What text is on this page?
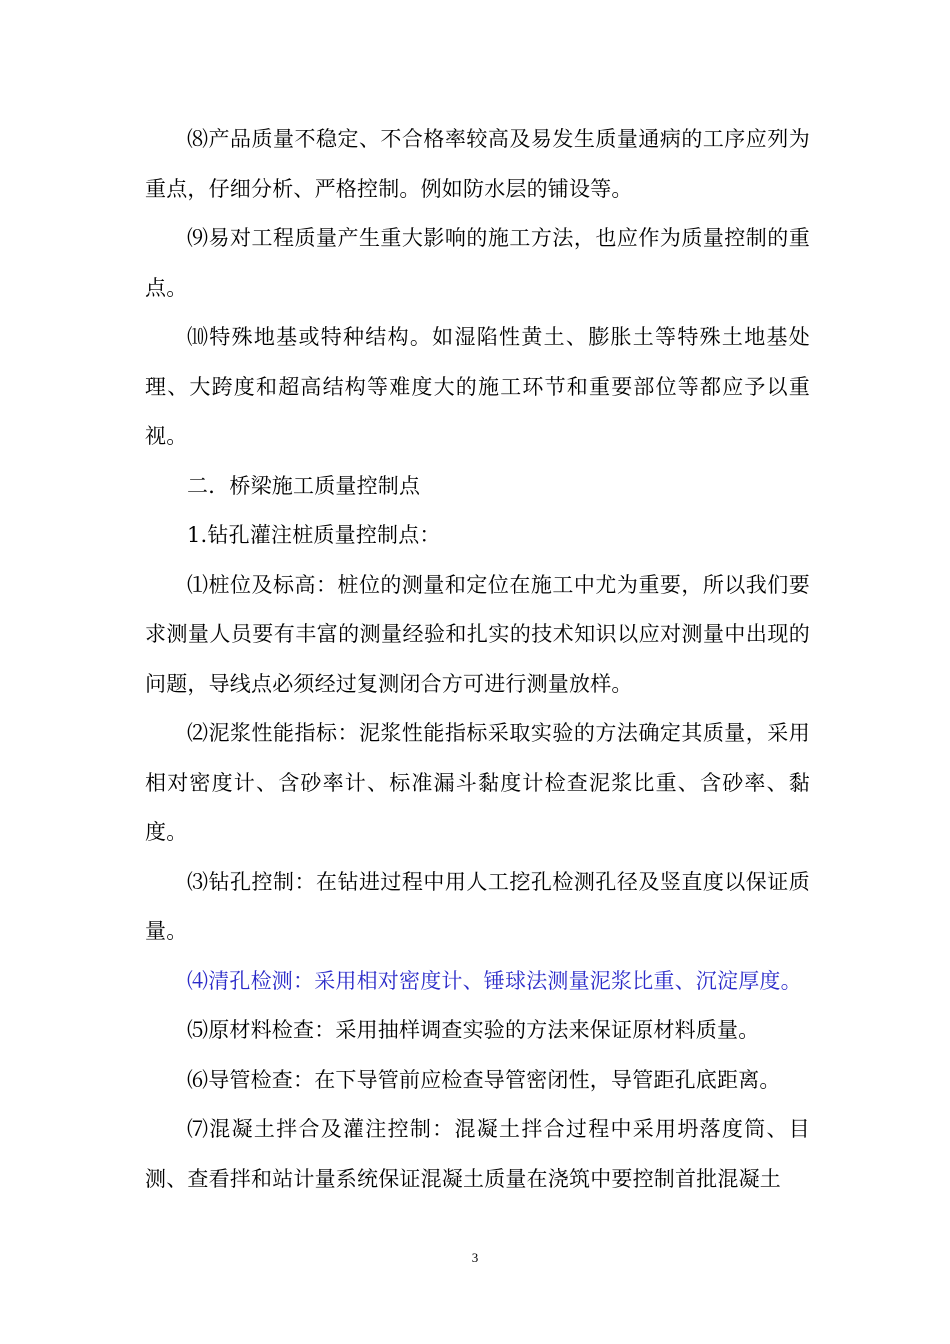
⑻产品质量不稳定、不合格率较高及易发生质量通病的工序应列为重点，仔细分析、严格控制。例如防水层的铺设等。

⑼易对工程质量产生重大影响的施工方法，也应作为质量控制的重点。

⑽特殊地基或特种结构。如湿陷性黄土、膨胀土等特殊土地基处理、大跨度和超高结构等难度大的施工环节和重要部位等都应予以重视。

二．桥梁施工质量控制点

1.钻孔灌注桩质量控制点：

⑴桩位及标高：桩位的测量和定位在施工中尤为重要，所以我们要求测量人员要有丰富的测量经验和扎实的技术知识以应对测量中出现的问题，导线点必须经过复测闭合方可进行测量放样。

⑵泥浆性能指标：泥浆性能指标采取实验的方法确定其质量，采用相对密度计、含砂率计、标准漏斗黏度计检查泥浆比重、含砂率、黏度。

⑶钻孔控制：在钻进过程中用人工挖孔检测孔径及竖直度以保证质量。

⑷清孔检测：采用相对密度计、锤球法测量泥浆比重、沉淀厚度。

⑸原材料检查：采用抽样调查实验的方法来保证原材料质量。

⑹导管检查：在下导管前应检查导管密闭性，导管距孔底距离。

⑺混凝土拌合及灌注控制：混凝土拌合过程中采用坍落度筒、目测、查看拌和站计量系统保证混凝土质量在浇筑中要控制首批混凝土

3
